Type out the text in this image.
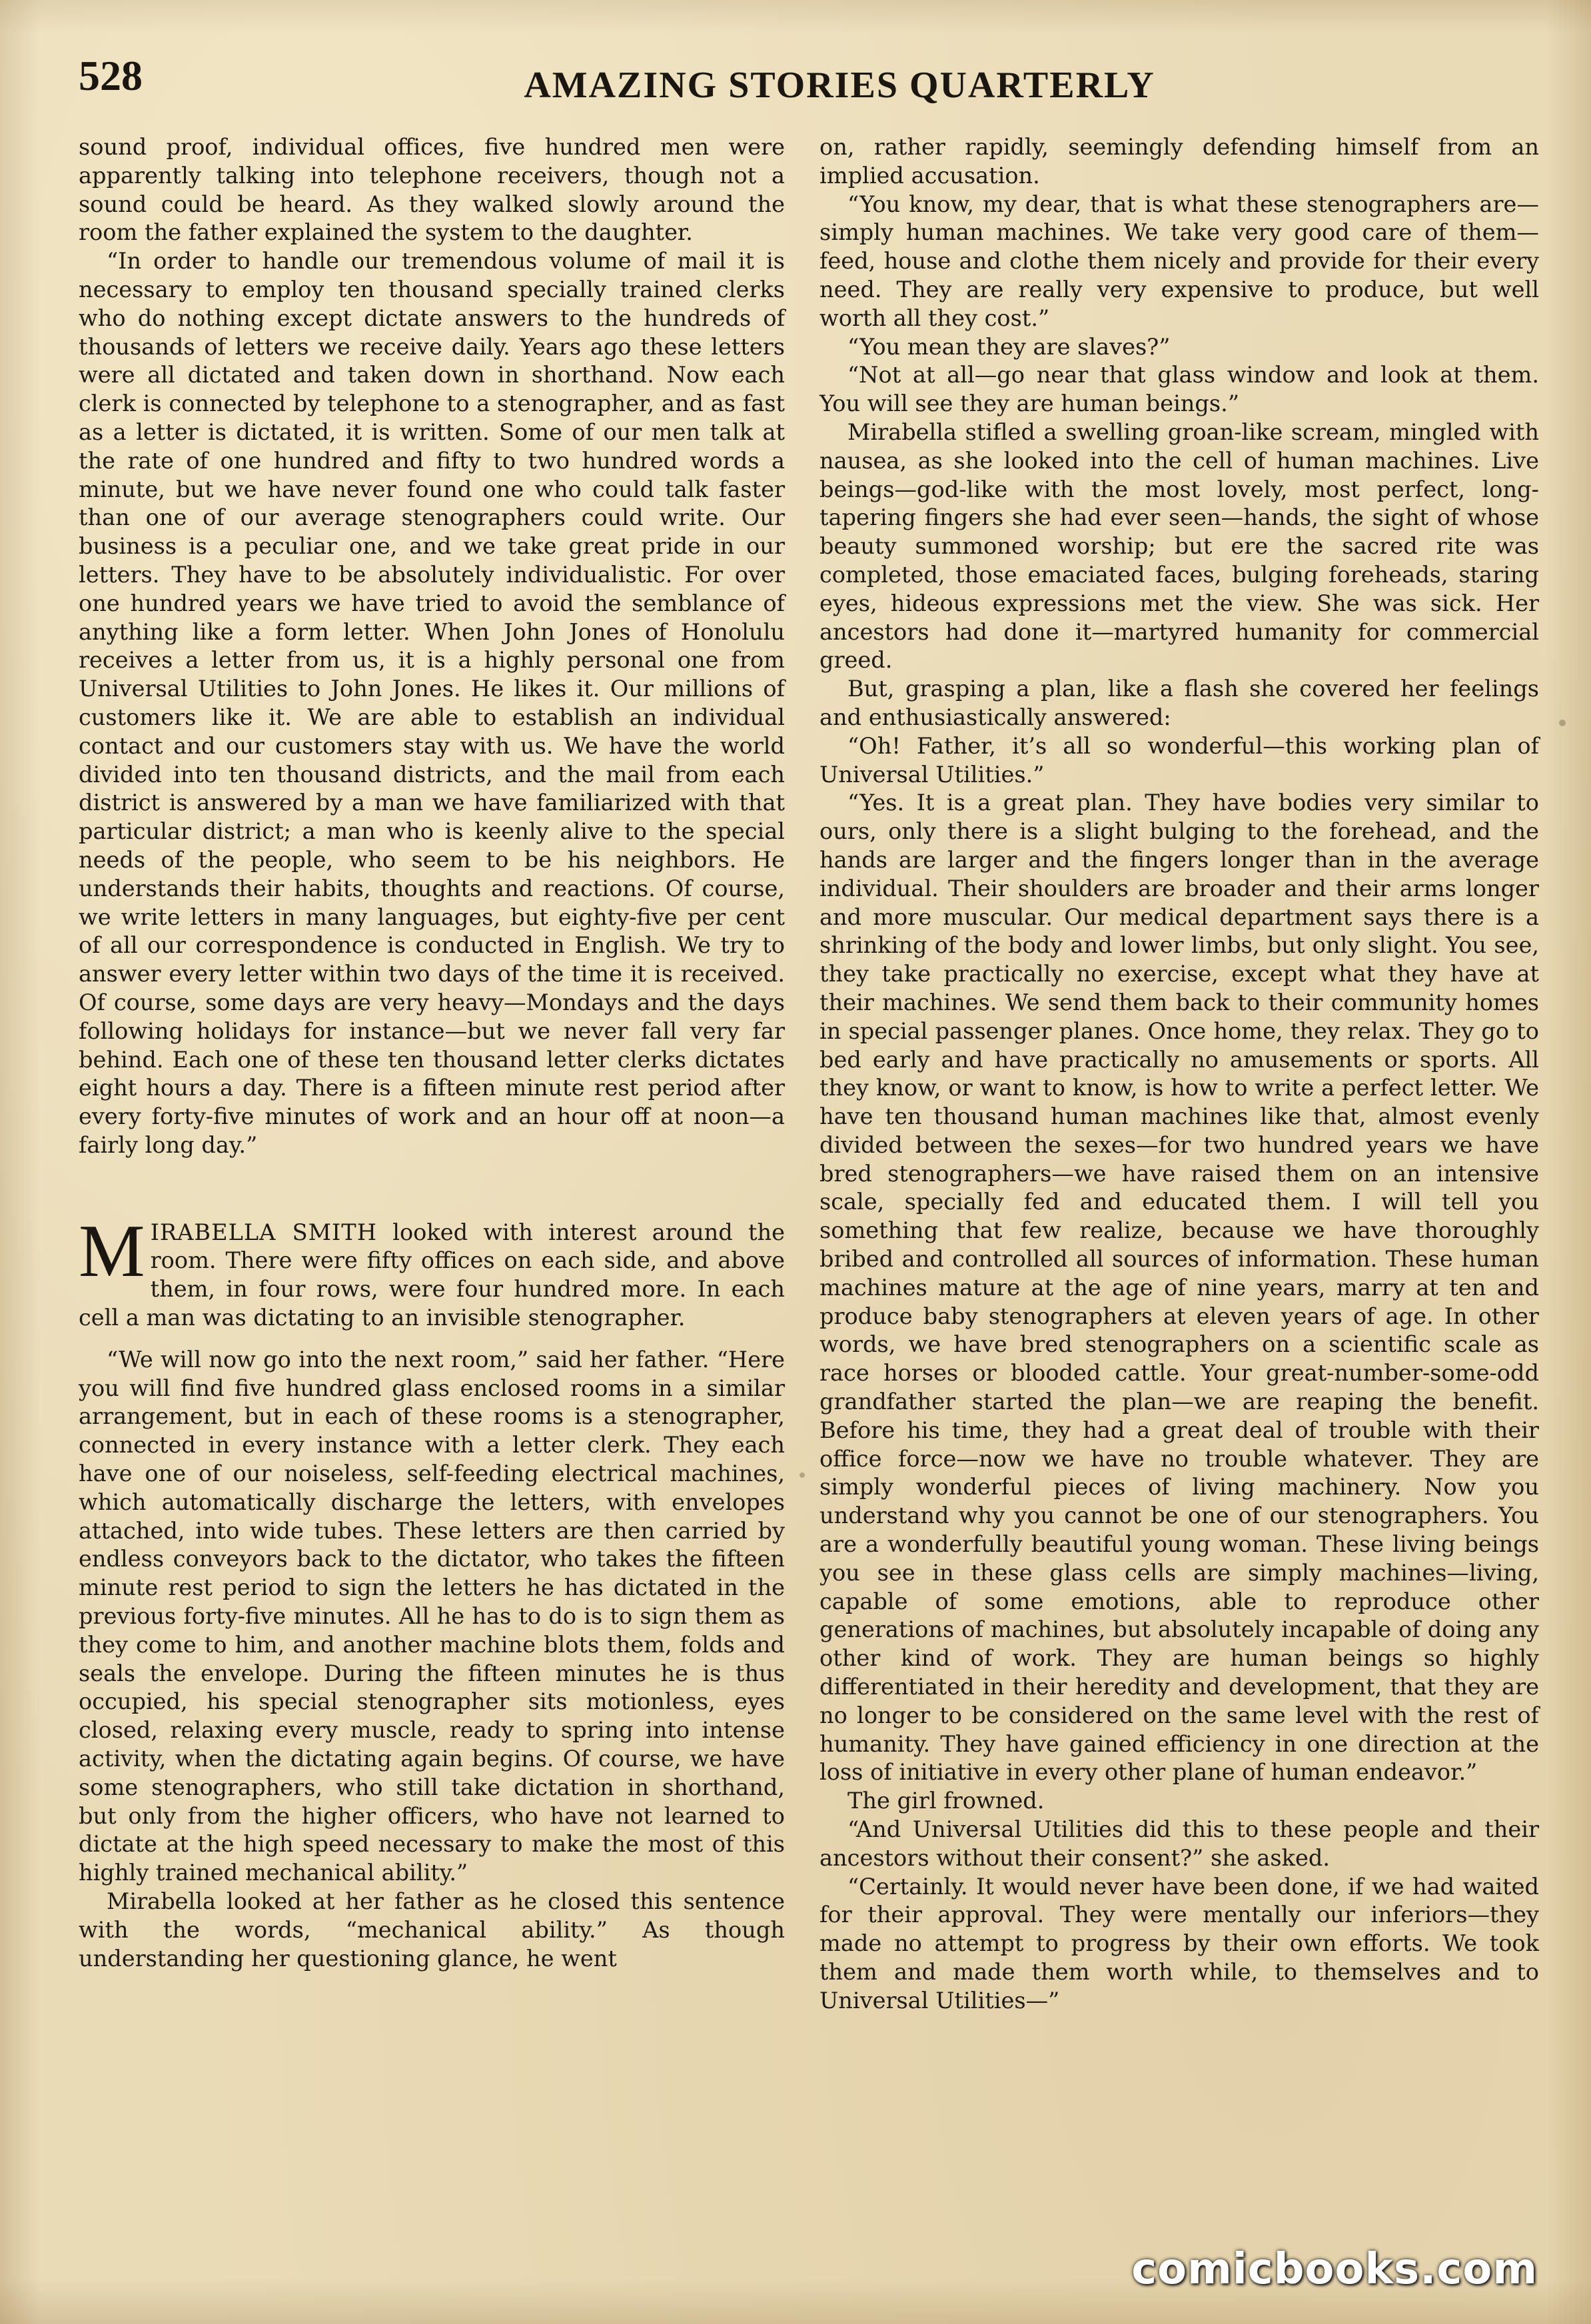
528	AMAZING STORIES QUARTERLY

sound proof, individual offices, five hundred men were apparently talking into telephone receivers, though not a sound could be heard. As they walked slowly around the room the father explained the system to the daughter.

“In order to handle our tremendous volume of mail it is necessary to employ ten thousand specially trained clerks who do nothing except dictate answers to the hundreds of thousands of letters we receive daily. Years ago these letters were all dictated and taken down in shorthand. Now each clerk is connected by telephone to a stenographer, and as fast as a letter is dictated, it is written. Some of our men talk at the rate of one hundred and fifty to two hundred words a minute, but we have never found one who could talk faster than one of our average stenographers could write. Our business is a peculiar one, and we take great pride in our letters. They have to be absolutely individualistic. For over one hundred years we have tried to avoid the semblance of anything like a form letter. When John Jones of Honolulu receives a letter from us, it is a highly personal one from Universal Utilities to John Jones. He likes it. Our millions of customers like it. We are able to establish an individual contact and our customers stay with us. We have the world divided into ten thousand districts, and the mail from each district is answered by a man we have familiarized with that particular district; a man who is keenly alive to the special needs of the people, who seem to be his neighbors. He understands their habits, thoughts and reactions. Of course, we write letters in many languages, but eighty-five per cent of all our correspondence is conducted in English. We try to answer every letter within two days of the time it is received. Of course, some days are very heavy—Mondays and the days following holidays for instance—but we never fall very far behind. Each one of these ten thousand letter clerks dictates eight hours a day. There is a fifteen minute rest period after every forty-five minutes of work and an hour off at noon—a fairly long day.”

MIRABELLA SMITH looked with interest around the room. There were fifty offices on each side, and above them, in four rows, were four hundred more. In each cell a man was dictating to an invisible stenographer.

“We will now go into the next room,” said her father. “Here you will find five hundred glass enclosed rooms in a similar arrangement, but in each of these rooms is a stenographer, connected in every instance with a letter clerk. They each have one of our noiseless, self-feeding electrical machines, which automatically discharge the letters, with envelopes attached, into wide tubes. These letters are then carried by endless conveyors back to the dictator, who takes the fifteen minute rest period to sign the letters he has dictated in the previous forty-five minutes. All he has to do is to sign them as they come to him, and another machine blots them, folds and seals the envelope. During the fifteen minutes he is thus occupied, his special stenographer sits motionless, eyes closed, relaxing every muscle, ready to spring into intense activity, when the dictating again begins. Of course, we have some stenographers, who still take dictation in shorthand, but only from the higher officers, who have not learned to dictate at the high speed necessary to make the most of this highly trained mechanical ability.”

Mirabella looked at her father as he closed this sentence with the words, “mechanical ability.” As though understanding her questioning glance, he went

on, rather rapidly, seemingly defending himself from an implied accusation.

“You know, my dear, that is what these stenographers are—simply human machines. We take very good care of them—feed, house and clothe them nicely and provide for their every need. They are really very expensive to produce, but well worth all they cost.”

“You mean they are slaves?”

“Not at all—go near that glass window and look at them. You will see they are human beings.”

Mirabella stifled a swelling groan-like scream, mingled with nausea, as she looked into the cell of human machines. Live beings—god-like with the most lovely, most perfect, long-tapering fingers she had ever seen—hands, the sight of whose beauty summoned worship; but ere the sacred rite was completed, those emaciated faces, bulging foreheads, staring eyes, hideous expressions met the view. She was sick. Her ancestors had done it—martyred humanity for commercial greed.

But, grasping a plan, like a flash she covered her feelings and enthusiastically answered:

“Oh! Father, it’s all so wonderful—this working plan of Universal Utilities.”

“Yes. It is a great plan. They have bodies very similar to ours, only there is a slight bulging to the forehead, and the hands are larger and the fingers longer than in the average individual. Their shoulders are broader and their arms longer and more muscular. Our medical department says there is a shrinking of the body and lower limbs, but only slight. You see, they take practically no exercise, except what they have at their machines. We send them back to their community homes in special passenger planes. Once home, they relax. They go to bed early and have practically no amusements or sports. All they know, or want to know, is how to write a perfect letter. We have ten thousand human machines like that, almost evenly divided between the sexes—for two hundred years we have bred stenographers—we have raised them on an intensive scale, specially fed and educated them. I will tell you something that few realize, because we have thoroughly bribed and controlled all sources of information. These human machines mature at the age of nine years, marry at ten and produce baby stenographers at eleven years of age. In other words, we have bred stenographers on a scientific scale as race horses or blooded cattle. Your great-number-some-odd grandfather started the plan—we are reaping the benefit. Before his time, they had a great deal of trouble with their office force—now we have no trouble whatever. They are simply wonderful pieces of living machinery. Now you understand why you cannot be one of our stenographers. You are a wonderfully beautiful young woman. These living beings you see in these glass cells are simply machines—living, capable of some emotions, able to reproduce other generations of machines, but absolutely incapable of doing any other kind of work. They are human beings so highly differentiated in their heredity and development, that they are no longer to be considered on the same level with the rest of humanity. They have gained efficiency in one direction at the loss of initiative in every other plane of human endeavor.”

The girl frowned.

“And Universal Utilities did this to these people and their ancestors without their consent?” she asked.

“Certainly. It would never have been done, if we had waited for their approval. They were mentally our inferiors—they made no attempt to progress by their own efforts. We took them and made them worth while, to themselves and to Universal Utilities—”

comicbooks.com
